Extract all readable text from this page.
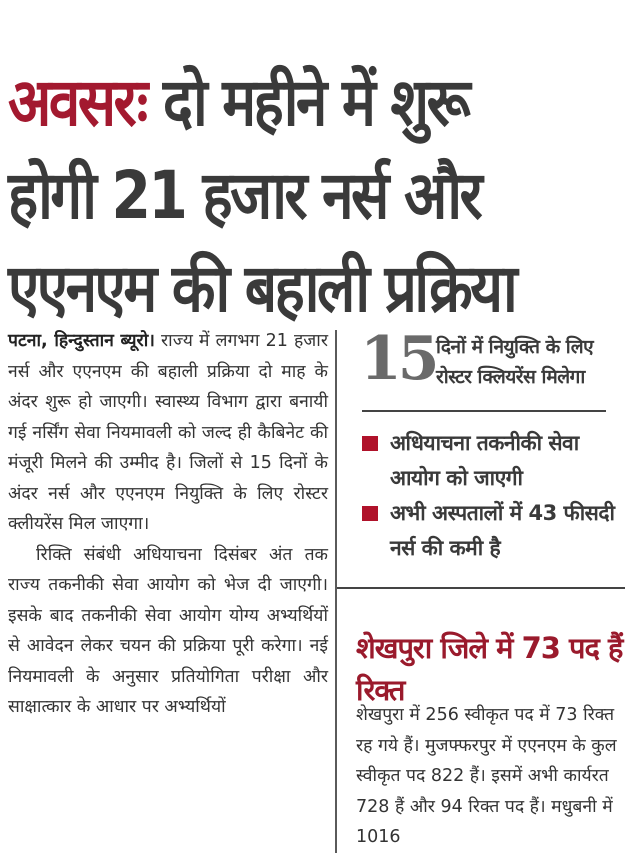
अवसरः दो महीने में शुरू
होगी 21 हजार नर्स और
एएनएम की बहाली प्रक्रिया

पटना, हिन्दुस्तान ब्यूरो। राज्य में लगभग 21 हजार नर्स और एएनएम की बहाली प्रक्रिया दो माह के अंदर शुरू हो जाएगी। स्वास्थ्य विभाग द्वारा बनायी गई नर्सिंग सेवा नियमावली को जल्द ही कैबिनेट की मंजूरी मिलने की उम्मीद है। जिलों से 15 दिनों के अंदर नर्स और एएनएम नियुक्ति के लिए रोस्टर क्लीयरेंस मिल जाएगा।

रिक्ति संबंधी अधियाचना दिसंबर अंत तक राज्य तकनीकी सेवा आयोग को भेज दी जाएगी। इसके बाद तकनीकी सेवा आयोग योग्य अभ्यर्थियों से आवेदन लेकर चयन की प्रक्रिया पूरी करेगा। नई नियमावली के अनुसार प्रतियोगिता परीक्षा और साक्षात्कार के आधार पर अभ्यर्थियों

15 दिनों में नियुक्ति के लिए
रोस्टर क्लियरेंस मिलेगा
अधियाचना तकनीकी सेवा आयोग को जाएगी
अभी अस्पतालों में 43 फीसदी नर्स की कमी है
शेखपुरा जिले में 73 पद हैं रिक्त

शेखपुरा में 256 स्वीकृत पद में 73 रिक्त रह गये हैं। मुजफ्फरपुर में एएनएम के कुल स्वीकृत पद 822 हैं। इसमें अभी कार्यरत 728 हैं और 94 रिक्त पद हैं। मधुबनी में 1016
